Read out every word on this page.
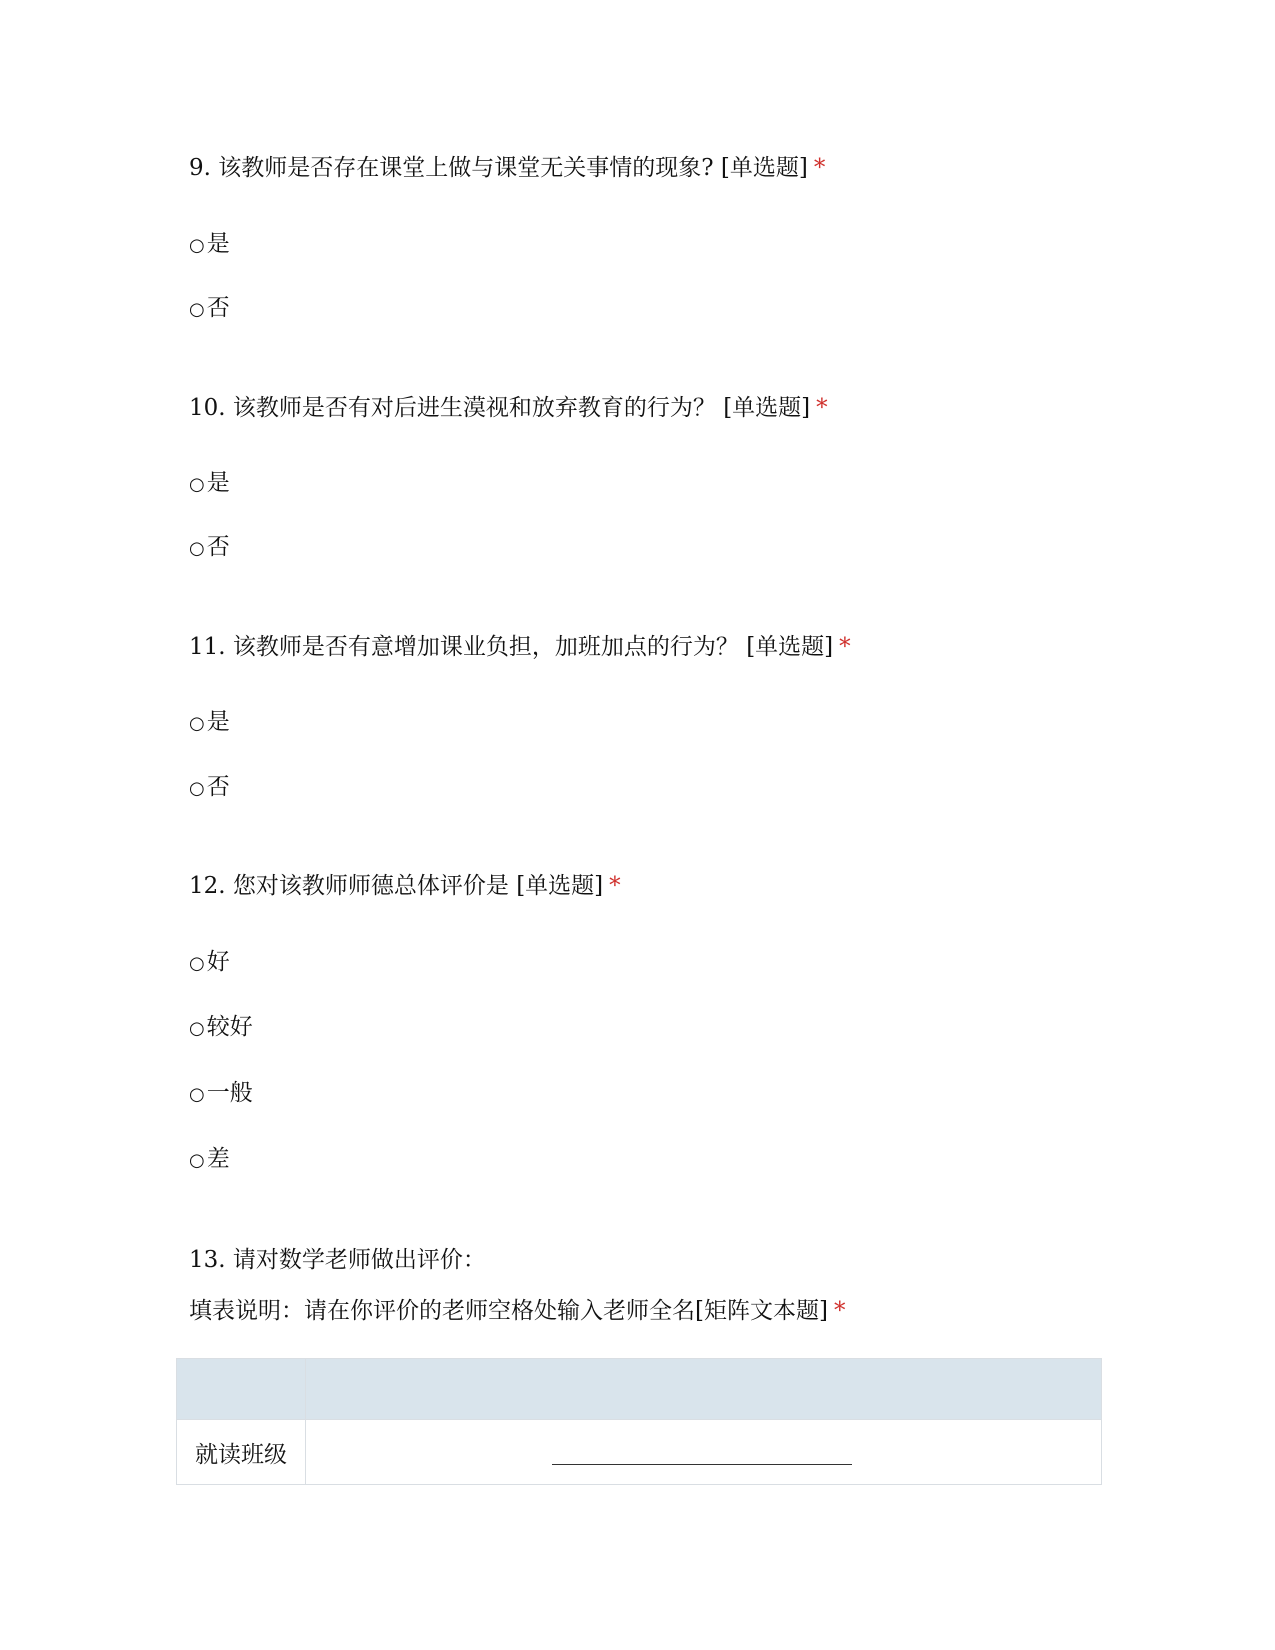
9. 该教师是否存在课堂上做与课堂无关事情的现象? [单选题] *
○是
○否
10. 该教师是否有对后进生漠视和放弃教育的行为？ [单选题] *
○是
○否
11. 该教师是否有意增加课业负担，加班加点的行为？ [单选题] *
○是
○否
12. 您对该教师师德总体评价是 [单选题] *
○好
○较好
○一般
○差
13. 请对数学老师做出评价：
填表说明：请在你评价的老师空格处输入老师全名[矩阵文本题] *

就读班级	
